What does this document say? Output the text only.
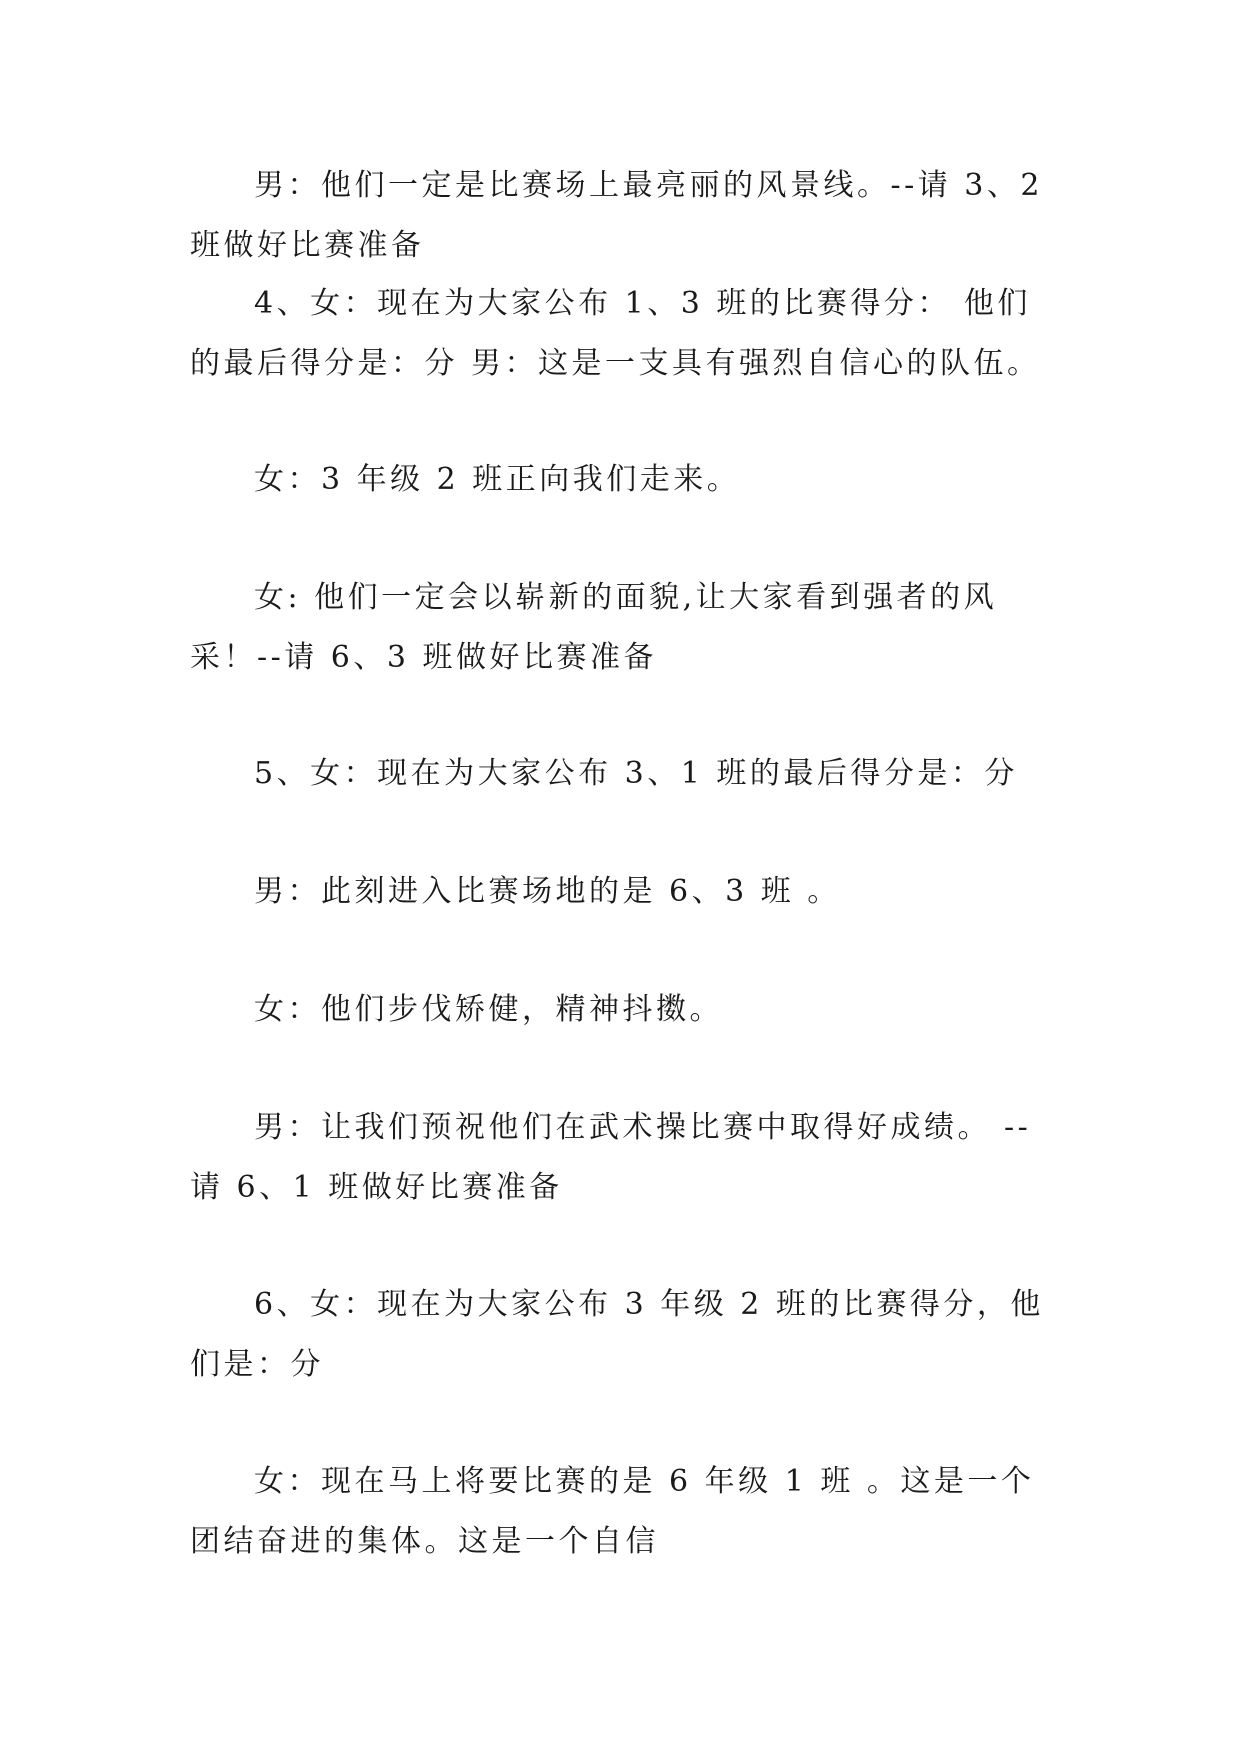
男：他们一定是比赛场上最亮丽的风景线。--请 3、2 班做好比赛准备

4、女：现在为大家公布 1、3 班的比赛得分： 他们的最后得分是：分 男：这是一支具有强烈自信心的队伍。

女：3 年级 2 班正向我们走来。

女: 他们一定会以崭新的面貌,让大家看到强者的风采！--请 6、3 班做好比赛准备

5、女：现在为大家公布 3、1 班的最后得分是：分

男：此刻进入比赛场地的是 6、3 班 。

女：他们步伐矫健，精神抖擞。

男：让我们预祝他们在武术操比赛中取得好成绩。 --请 6、1 班做好比赛准备

6、女：现在为大家公布 3 年级 2 班的比赛得分，他们是：分

女：现在马上将要比赛的是 6 年级 1 班 。这是一个团结奋进的集体。这是一个自信
